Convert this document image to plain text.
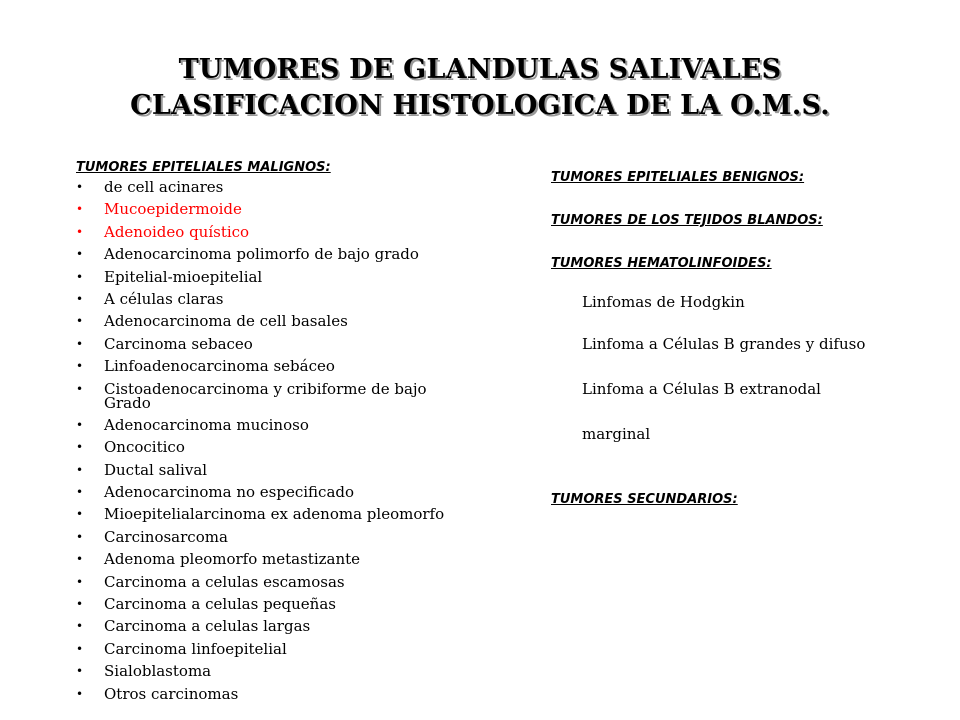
TUMORES DE GLANDULAS SALIVALES
CLASIFICACION HISTOLOGICA DE LA O.M.S.
TUMORES EPITELIALES MALIGNOS:
• de cell acinares
• Mucoepidermoide
• Adenoideo quístico
• Adenocarcinoma polimorfo de bajo grado
• Epitelial-mioepitelial
• A células claras
• Adenocarcinoma de cell basales
• Carcinoma sebaceo
• Linfoadenocarcinoma sebáceo
• Cistoadenocarcinoma y cribiforme de bajo
Grado
• Adenocarcinoma mucinoso
• Oncocitico
• Ductal salival
• Adenocarcinoma no especificado
• Mioepitelialarcinoma ex adenoma pleomorfo
• Carcinosarcoma
• Adenoma pleomorfo metastizante
• Carcinoma a celulas escamosas
• Carcinoma a celulas pequeñas
• Carcinoma a celulas largas
• Carcinoma linfoepitelial
• Sialoblastoma
• Otros carcinomas
TUMORES EPITELIALES BENIGNOS:
TUMORES DE LOS TEJIDOS BLANDOS:
TUMORES HEMATOLINFOIDES:
Linfomas de Hodgkin
Linfoma a Células B grandes y difuso
Linfoma a Células B extranodal
marginal
TUMORES SECUNDARIOS:
